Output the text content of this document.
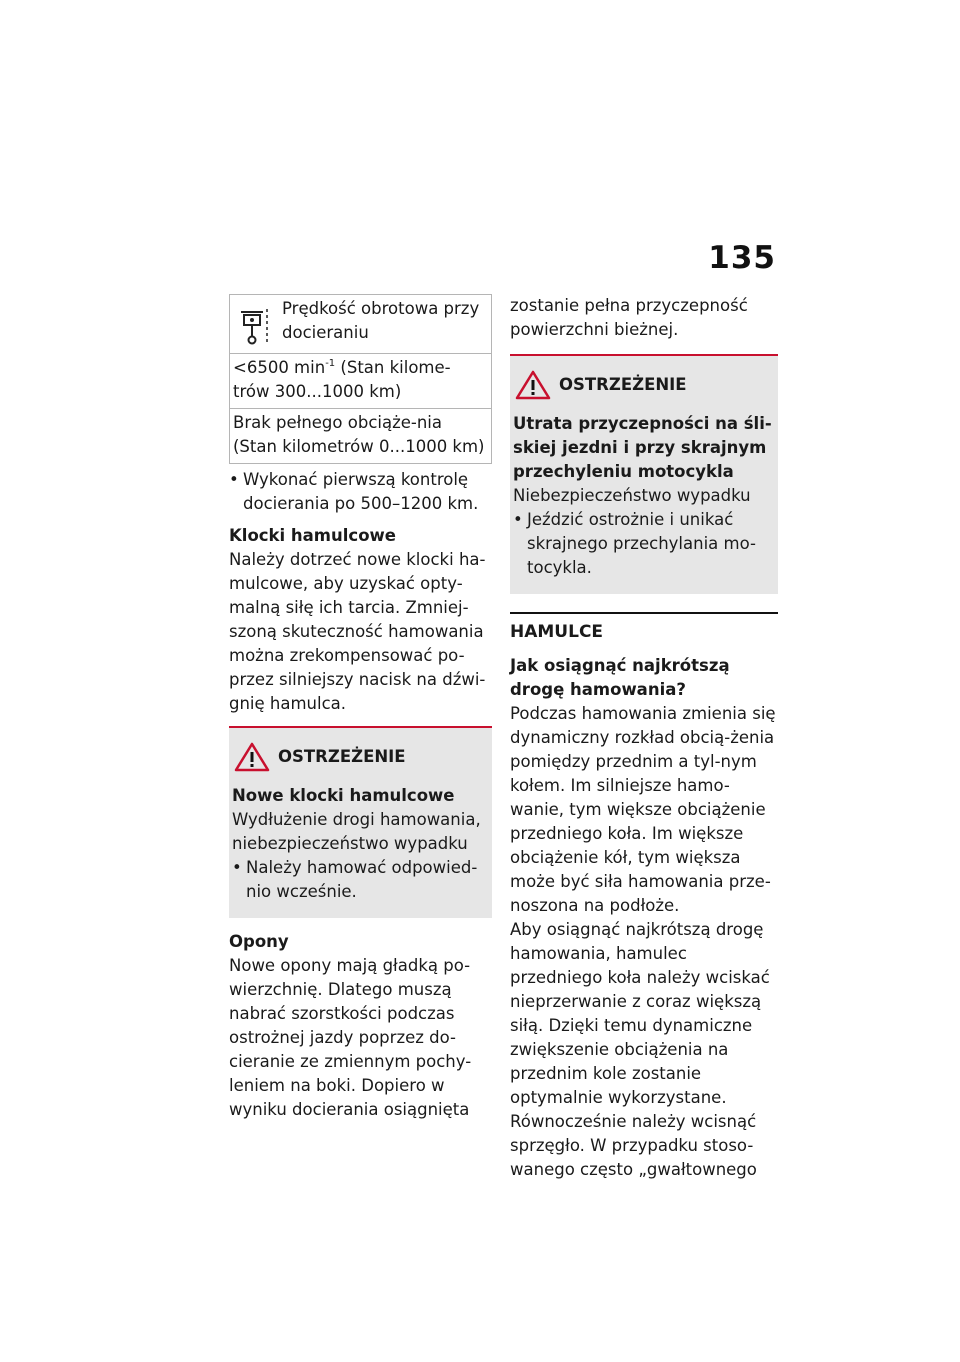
135
Prędkość obrotowa przy docieraniu
<6500 $\min^{-1} (Stan$ kilome-trów 300...1000 km)
Brak pełnego obciąże-nia (Stan kilometrów 0...1000 km)
• Wykonać pierwszą kontrolę docierania po 500–1200 km.

Klocki hamulcowe

Należy dotrzeć nowe klocki ha-mulcowe, aby uzyskać opty-malną siłę ich tarcia. Zmniej-szoną skuteczność hamowania można zrekompensować po-przez silniejszy nacisk na dźwi-gnię hamulca.

OSTRZEŻENIE

Nowe klocki hamulcowe

Wydłużenie drogi hamowania, niebezpieczeństwo wypadku

• Należy hamować odpowied-nio wcześnie.

Opony

Nowe opony mają gładką po-wierzchnię. Dlatego muszą nabrać szorstkości podczas ostrożnej jazdy poprzez do-cieranie ze zmiennym pochy-leniem na boki. Dopiero w wyniku docierania osiągnięta

zostanie pełna przyczepność powierzchni bieżnej.

OSTRZEŻENIE

Utrata przyczepności na śli-skiej jezdni i przy skrajnym przechyleniu motocykla

Niebezpieczeństwo wypadku

• Jeździć ostrożnie i unikać skrajnego przechylania mo-tocykla.
HAMULCE

Jak osiągnąć najkrótszą drogę hamowania?

Podczas hamowania zmienia się dynamiczny rozkład obcią-żenia pomiędzy przednim a tyl-nym kołem. Im silniejsze hamo-wanie, tym większe obciążenie przedniego koła. Im większe obciążenie kół, tym większa może być siła hamowania prze-noszona na podłoże.

Aby osiągnąć najkrótszą drogę hamowania, hamulec przedniego koła należy wciskać nieprzerwanie z coraz większą siłą. Dzięki temu dynamiczne zwiększenie obciążenia na przednim kole zostanie optymalnie wykorzystane. Równocześnie należy wcisnąć sprzęgło. W przypadku stoso-wanego często „gwałtownego
